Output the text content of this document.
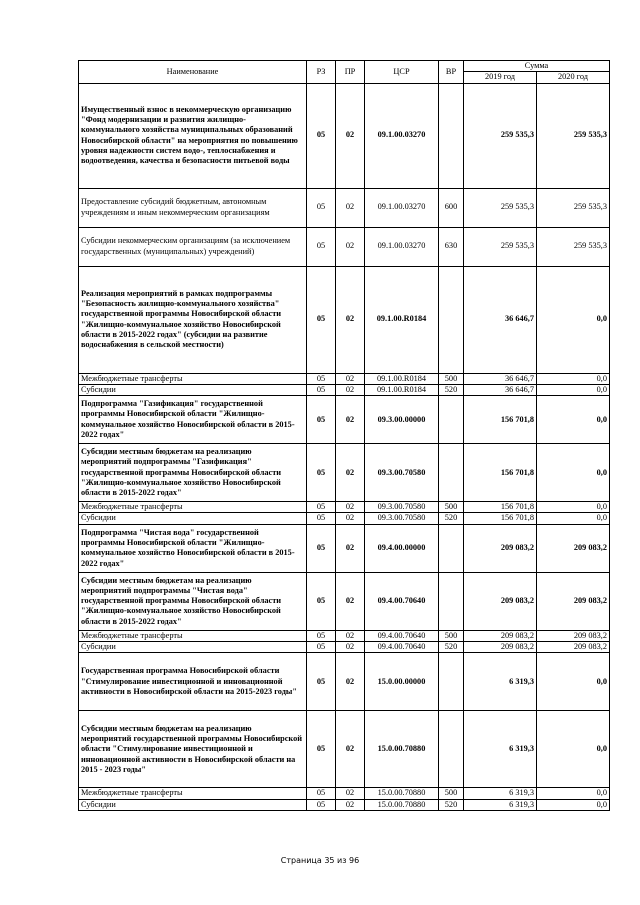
Наименование	РЗ	ПР	ЦСР	ВР	Сумма	
					2019 год	2020 год
Имущественный взнос в некоммерческую организацию "Фонд модернизации и развития жилищно-коммунального хозяйства муниципальных образований Новосибирской области" на мероприятия по повышению уровня надежности систем водо-, теплоснабжения и водоотведения, качества и безопасности питьевой воды	05	02	09.1.00.03270		259 535,3	259 535,3
Предоставление субсидий бюджетным, автономным учреждениям и иным некоммерческим организациям	05	02	09.1.00.03270	600	259 535,3	259 535,3
Субсидии некоммерческим организациям (за исключением государственных (муниципальных) учреждений)	05	02	09.1.00.03270	630	259 535,3	259 535,3
Реализация мероприятий в рамках подпрограммы "Безопасность жилищно-коммунального хозяйства" государственной программы Новосибирской области "Жилищно-коммунальное хозяйство Новосибирской области в 2015-2022 годах" (субсидии на развитие водоснабжения в сельской местности)	05	02	09.1.00.R0184		36 646,7	0,0
Межбюджетные трансферты	05	02	09.1.00.R0184	500	36 646,7	0,0
Субсидии	05	02	09.1.00.R0184	520	36 646,7	0,0
Подпрограмма "Газификация" государственной программы Новосибирской области "Жилищно-коммунальное хозяйство Новосибирской области в 2015-2022 годах"	05	02	09.3.00.00000		156 701,8	0,0
Субсидии местным бюджетам на реализацию мероприятий подпрограммы "Газификация" государственной программы Новосибирской области "Жилищно-коммунальное хозяйство Новосибирской области в 2015-2022 годах"	05	02	09.3.00.70580		156 701,8	0,0
Межбюджетные трансферты	05	02	09.3.00.70580	500	156 701,8	0,0
Субсидии	05	02	09.3.00.70580	520	156 701,8	0,0
Подпрограмма "Чистая вода" государственной программы Новосибирской области "Жилищно-коммунальное хозяйство Новосибирской области в 2015-2022 годах"	05	02	09.4.00.00000		209 083,2	209 083,2
Субсидии местным бюджетам на реализацию мероприятий подпрограммы "Чистая вода" государственной программы Новосибирской области "Жилищно-коммунальное хозяйство Новосибирской области в 2015-2022 годах"	05	02	09.4.00.70640		209 083,2	209 083,2
Межбюджетные трансферты	05	02	09.4.00.70640	500	209 083,2	209 083,2
Субсидии	05	02	09.4.00.70640	520	209 083,2	209 083,2
Государственная программа Новосибирской области "Стимулирование инвестиционной и инновационной активности в Новосибирской области на 2015-2023 годы"	05	02	15.0.00.00000		6 319,3	0,0
Субсидии местным бюджетам на реализацию мероприятий государственной программы Новосибирской области "Стимулирование инвестиционной и инновационной активности в Новосибирской области на 2015 - 2023 годы"	05	02	15.0.00.70880		6 319,3	0,0
Межбюджетные трансферты	05	02	15.0.00.70880	500	6 319,3	0,0
Субсидии	05	02	15.0.00.70880	520	6 319,3	0,0
Страница 35 из 96
